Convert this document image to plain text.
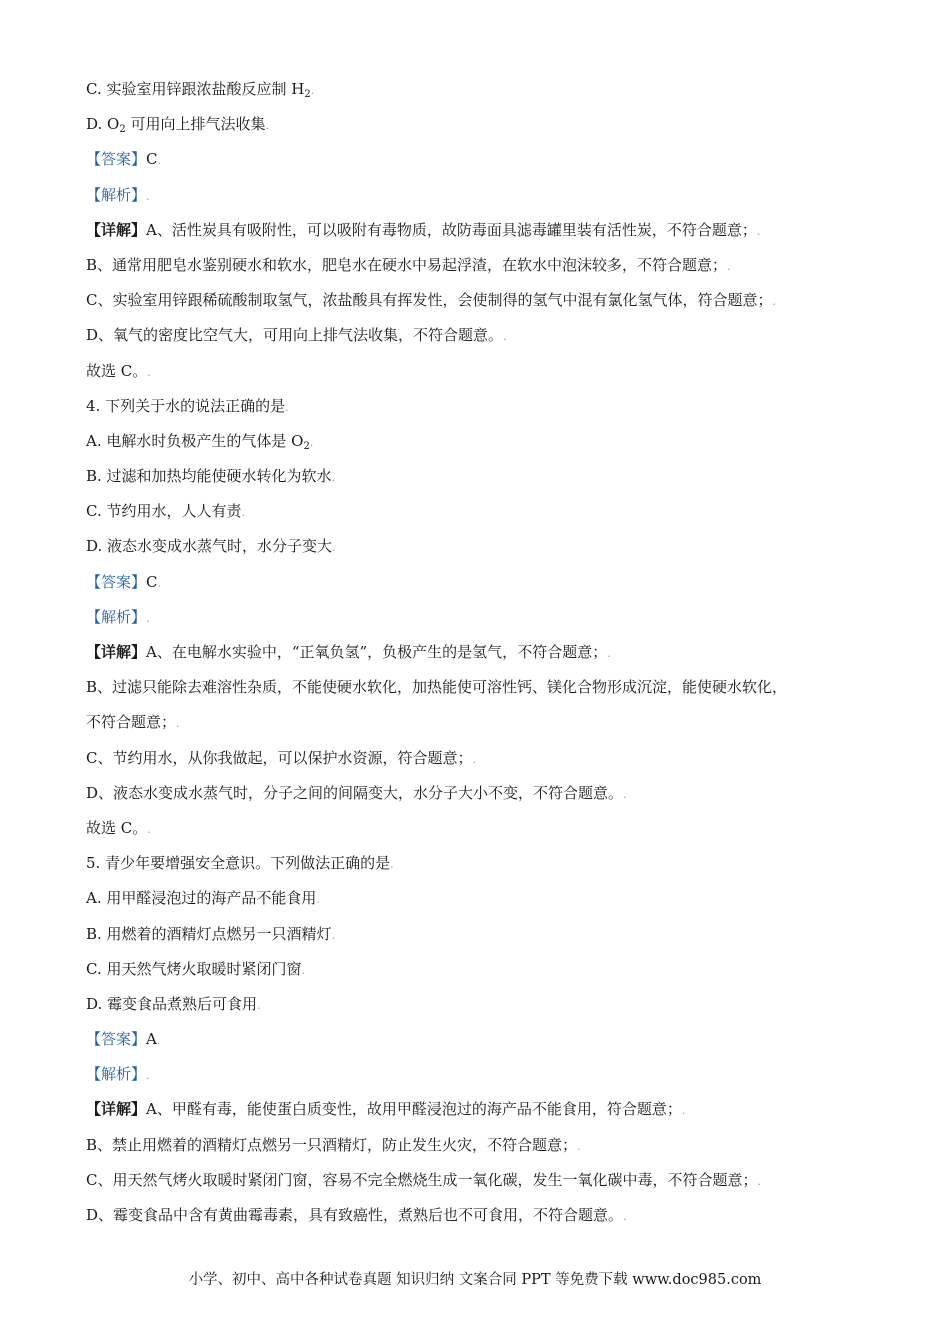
C. 实验室用锌跟浓盐酸反应制 $H_2$.
D. $O_2$ 可用向上排气法收集.
【答案】C.
【解析】.
【详解】A、活性炭具有吸附性，可以吸附有毒物质，故防毒面具滤毒罐里装有活性炭，不符合题意；.
B、通常用肥皂水鉴别硬水和软水，肥皂水在硬水中易起浮渣，在软水中泡沫较多，不符合题意；.
C、实验室用锌跟稀硫酸制取氢气，浓盐酸具有挥发性，会使制得的氢气中混有氯化氢气体，符合题意；.
D、氧气的密度比空气大，可用向上排气法收集，不符合题意。.
故选 C。.
4. 下列关于水的说法正确的是.
A. 电解水时负极产生的气体是 $O_2$.
B. 过滤和加热均能使硬水转化为软水.
C. 节约用水，人人有责.
D. 液态水变成水蒸气时，水分子变大.
【答案】C.
【解析】.
【详解】A、在电解水实验中，“正氧负氢”，负极产生的是氢气，不符合题意；.
B、过滤只能除去难溶性杂质，不能使硬水软化，加热能使可溶性钙、镁化合物形成沉淀，能使硬水软化，
不符合题意；.
C、节约用水，从你我做起，可以保护水资源，符合题意；.
D、液态水变成水蒸气时，分子之间的间隔变大，水分子大小不变，不符合题意。.
故选 C。.
5. 青少年要增强安全意识。下列做法正确的是.
A. 用甲醛浸泡过的海产品不能食用.
B. 用燃着的酒精灯点燃另一只酒精灯.
C. 用天然气烤火取暖时紧闭门窗.
D. 霉变食品煮熟后可食用.
【答案】A.
【解析】.
【详解】A、甲醛有毒，能使蛋白质变性，故用甲醛浸泡过的海产品不能食用，符合题意；.
B、禁止用燃着的酒精灯点燃另一只酒精灯，防止发生火灾，不符合题意；.
C、用天然气烤火取暖时紧闭门窗，容易不完全燃烧生成一氧化碳，发生一氧化碳中毒，不符合题意；.
D、霉变食品中含有黄曲霉毒素，具有致癌性，煮熟后也不可食用，不符合题意。.
小学、初中、高中各种试卷真题 知识归纳 文案合同 PPT 等免费下载 www.doc985.com
